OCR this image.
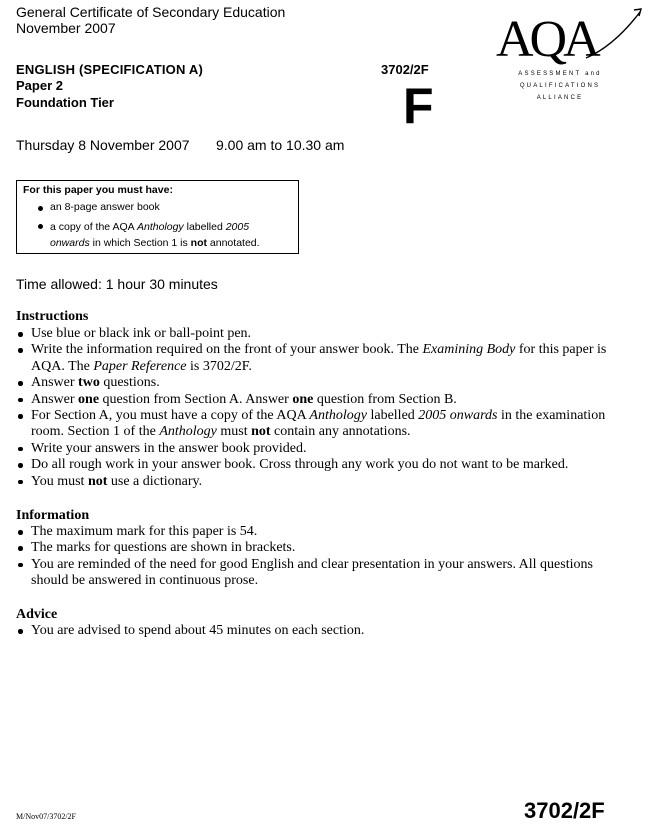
General Certificate of Secondary Education
November 2007
ENGLISH (SPECIFICATION A)
Paper 2
Foundation Tier
3702/2F
F
AQA
ASSESSMENT and
QUALIFICATIONS
ALLIANCE
Thursday 8 November 2007 9.00 am to 10.30 am
For this paper you must have:
an 8-page answer book
a copy of the AQA Anthology labelled 2005
onwards in which Section 1 is not annotated.
Time allowed: 1 hour 30 minutes
Instructions
Use blue or black ink or ball-point pen.
Write the information required on the front of your answer book. The Examining Body for this paper is AQA. The Paper Reference is 3702/2F.
Answer two questions.
Answer one question from Section A. Answer one question from Section B.
For Section A, you must have a copy of the AQA Anthology labelled 2005 onwards in the examination room. Section 1 of the Anthology must not contain any annotations.
Write your answers in the answer book provided.
Do all rough work in your answer book. Cross through any work you do not want to be marked.
You must not use a dictionary.
Information
The maximum mark for this paper is 54.
The marks for questions are shown in brackets.
You are reminded of the need for good English and clear presentation in your answers. All questions should be answered in continuous prose.
Advice
You are advised to spend about 45 minutes on each section.
M/Nov07/3702/2F	3702/2F
